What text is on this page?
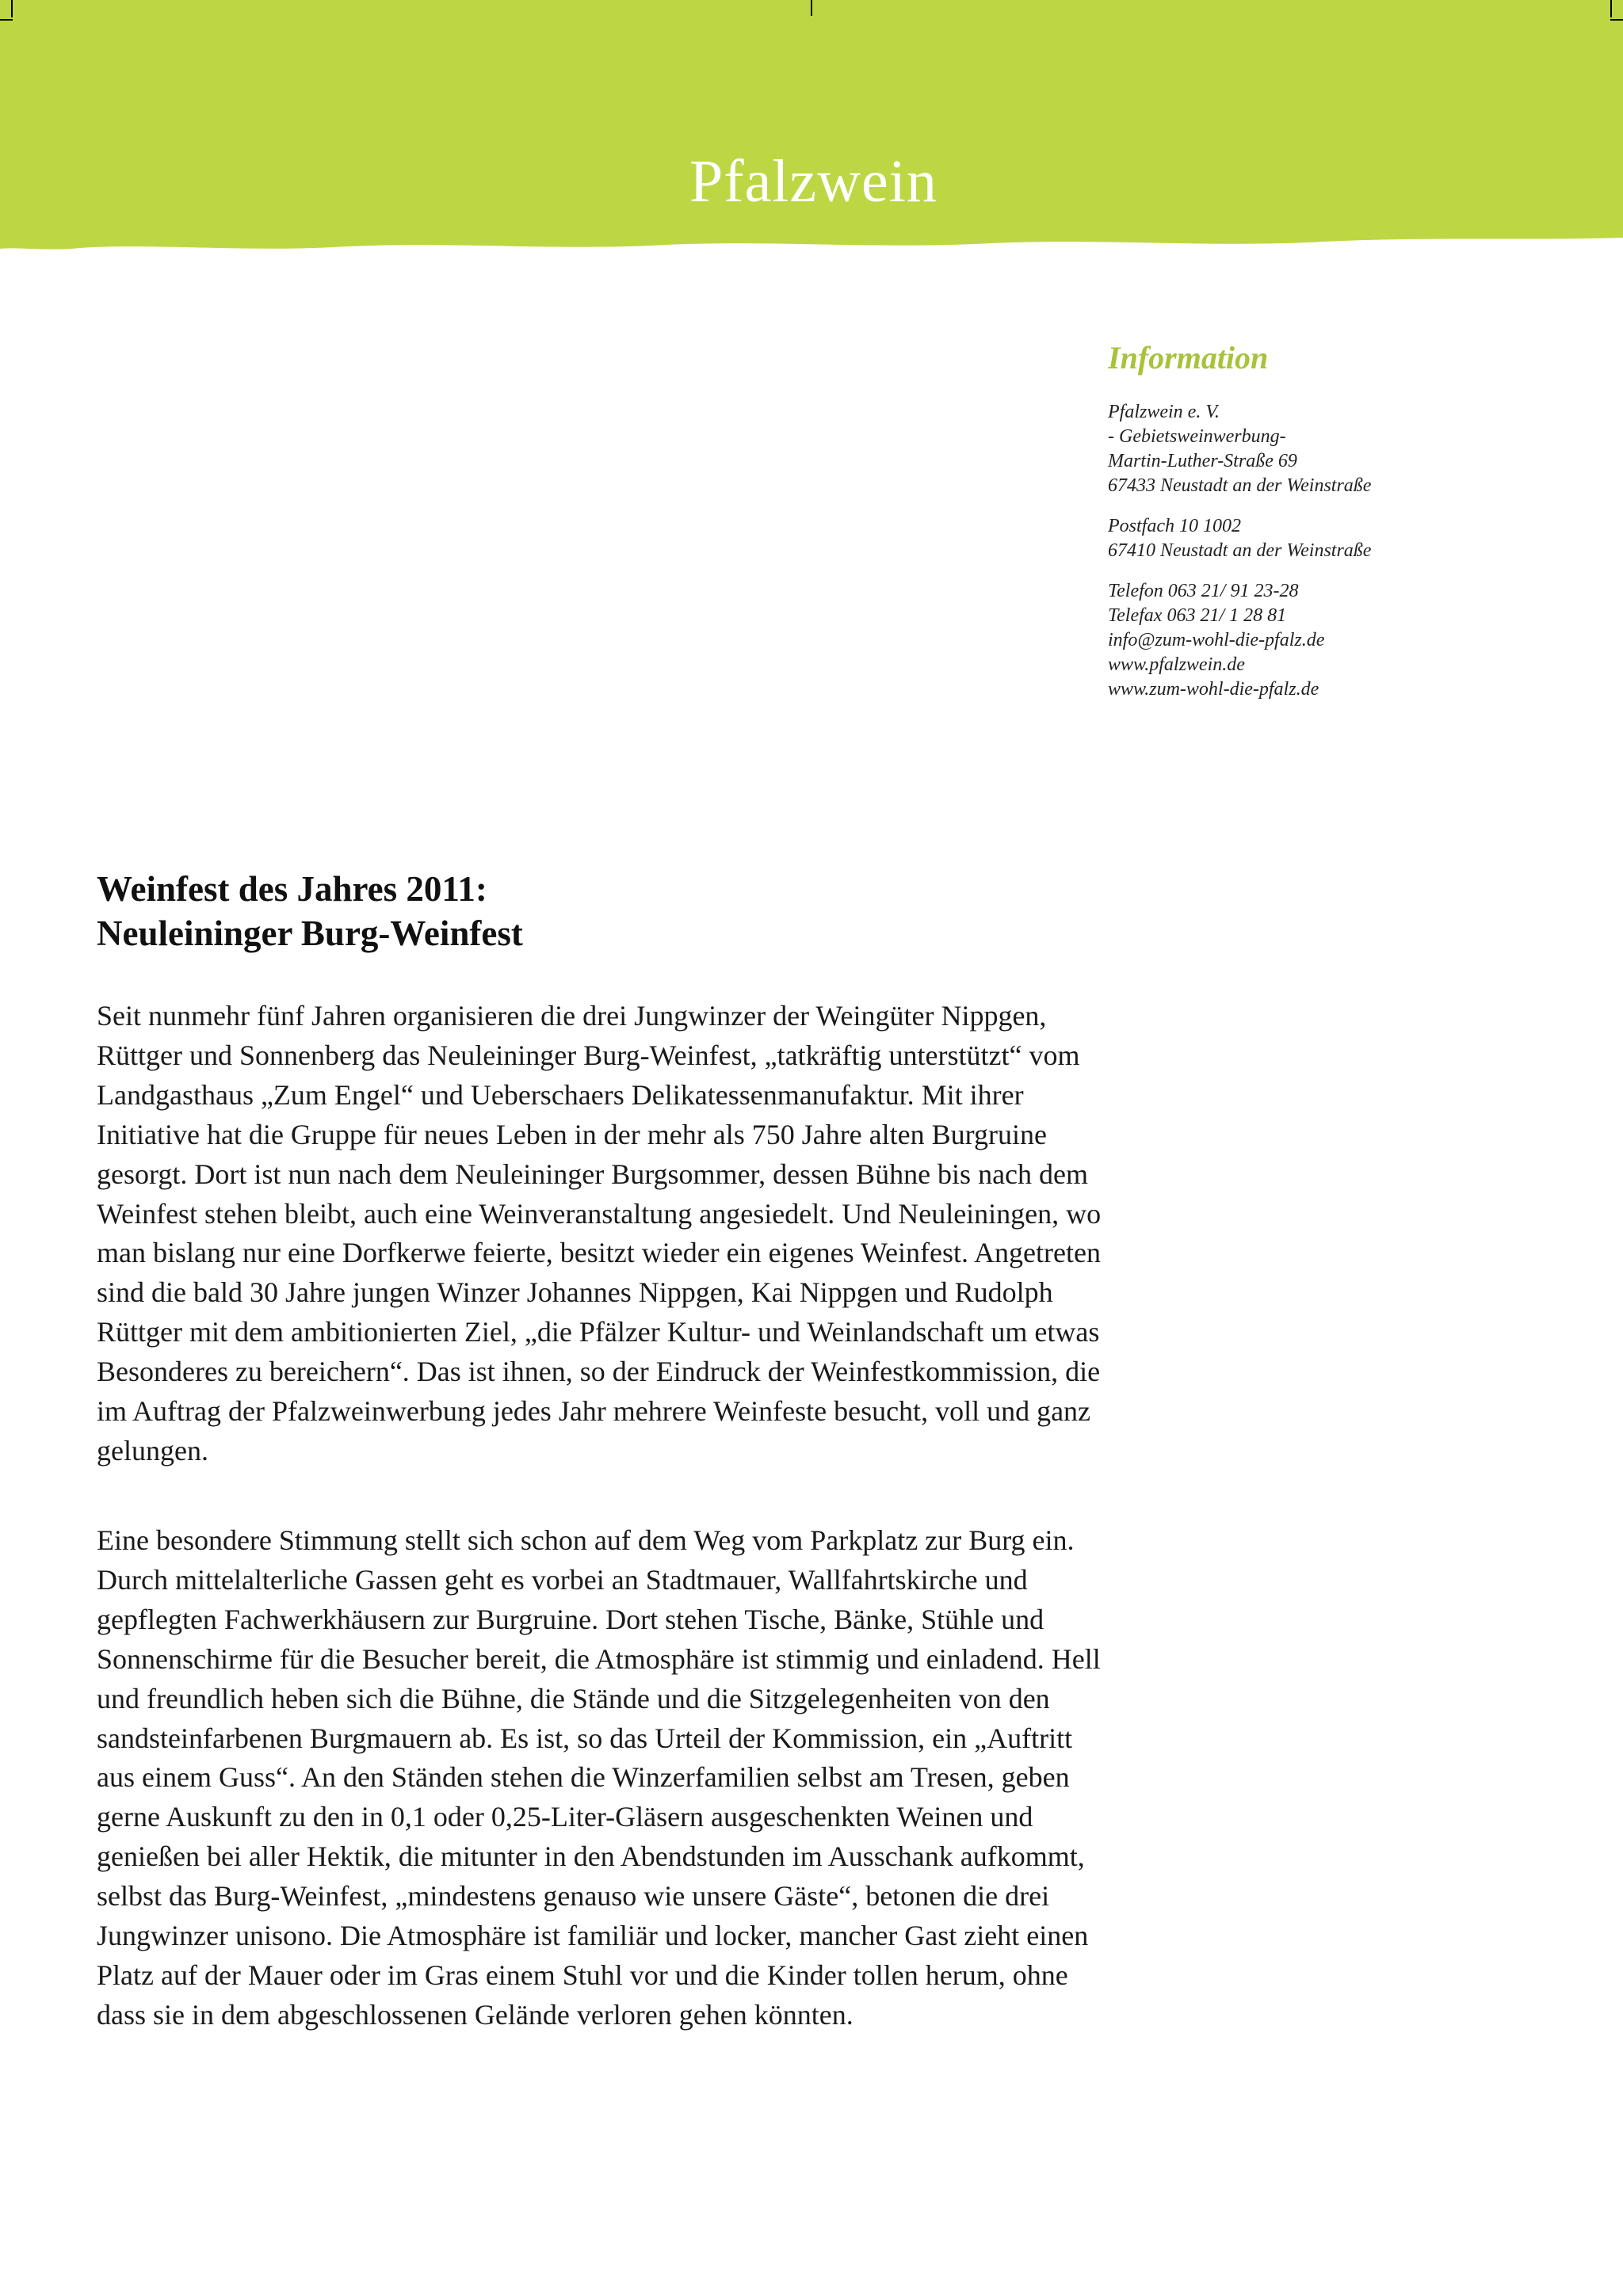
Pfalzwein
Information
Pfalzwein e. V.
- Gebietsweinwerbung-
Martin-Luther-Straße 69
67433 Neustadt an der Weinstraße
Postfach 10 1002
67410 Neustadt an der Weinstraße
Telefon 063 21/ 91 23-28
Telefax 063 21/ 1 28 81
info@zum-wohl-die-pfalz.de
www.pfalzwein.de
www.zum-wohl-die-pfalz.de
Weinfest des Jahres 2011:
Neuleininger Burg-Weinfest

Seit nunmehr fünf Jahren organisieren die drei Jungwinzer der Weingüter Nippgen,
Rüttger und Sonnenberg das Neuleininger Burg-Weinfest, „tatkräftig unterstützt“ vom
Landgasthaus „Zum Engel“ und Ueberschaers Delikatessenmanufaktur. Mit ihrer
Initiative hat die Gruppe für neues Leben in der mehr als 750 Jahre alten Burgruine
gesorgt. Dort ist nun nach dem Neuleininger Burgsommer, dessen Bühne bis nach dem
Weinfest stehen bleibt, auch eine Weinveranstaltung angesiedelt. Und Neuleiningen, wo
man bislang nur eine Dorfkerwe feierte, besitzt wieder ein eigenes Weinfest. Angetreten
sind die bald 30 Jahre jungen Winzer Johannes Nippgen, Kai Nippgen und Rudolph
Rüttger mit dem ambitionierten Ziel, „die Pfälzer Kultur- und Weinlandschaft um etwas
Besonderes zu bereichern“. Das ist ihnen, so der Eindruck der Weinfestkommission, die
im Auftrag der Pfalzweinwerbung jedes Jahr mehrere Weinfeste besucht, voll und ganz
gelungen.

Eine besondere Stimmung stellt sich schon auf dem Weg vom Parkplatz zur Burg ein.
Durch mittelalterliche Gassen geht es vorbei an Stadtmauer, Wallfahrtskirche und
gepflegten Fachwerkhäusern zur Burgruine. Dort stehen Tische, Bänke, Stühle und
Sonnenschirme für die Besucher bereit, die Atmosphäre ist stimmig und einladend. Hell
und freundlich heben sich die Bühne, die Stände und die Sitzgelegenheiten von den
sandsteinfarbenen Burgmauern ab. Es ist, so das Urteil der Kommission, ein „Auftritt
aus einem Guss“. An den Ständen stehen die Winzerfamilien selbst am Tresen, geben
gerne Auskunft zu den in 0,1 oder 0,25-Liter-Gläsern ausgeschenkten Weinen und
genießen bei aller Hektik, die mitunter in den Abendstunden im Ausschank aufkommt,
selbst das Burg-Weinfest, „mindestens genauso wie unsere Gäste“, betonen die drei
Jungwinzer unisono. Die Atmosphäre ist familiär und locker, mancher Gast zieht einen
Platz auf der Mauer oder im Gras einem Stuhl vor und die Kinder tollen herum, ohne
dass sie in dem abgeschlossenen Gelände verloren gehen könnten.
